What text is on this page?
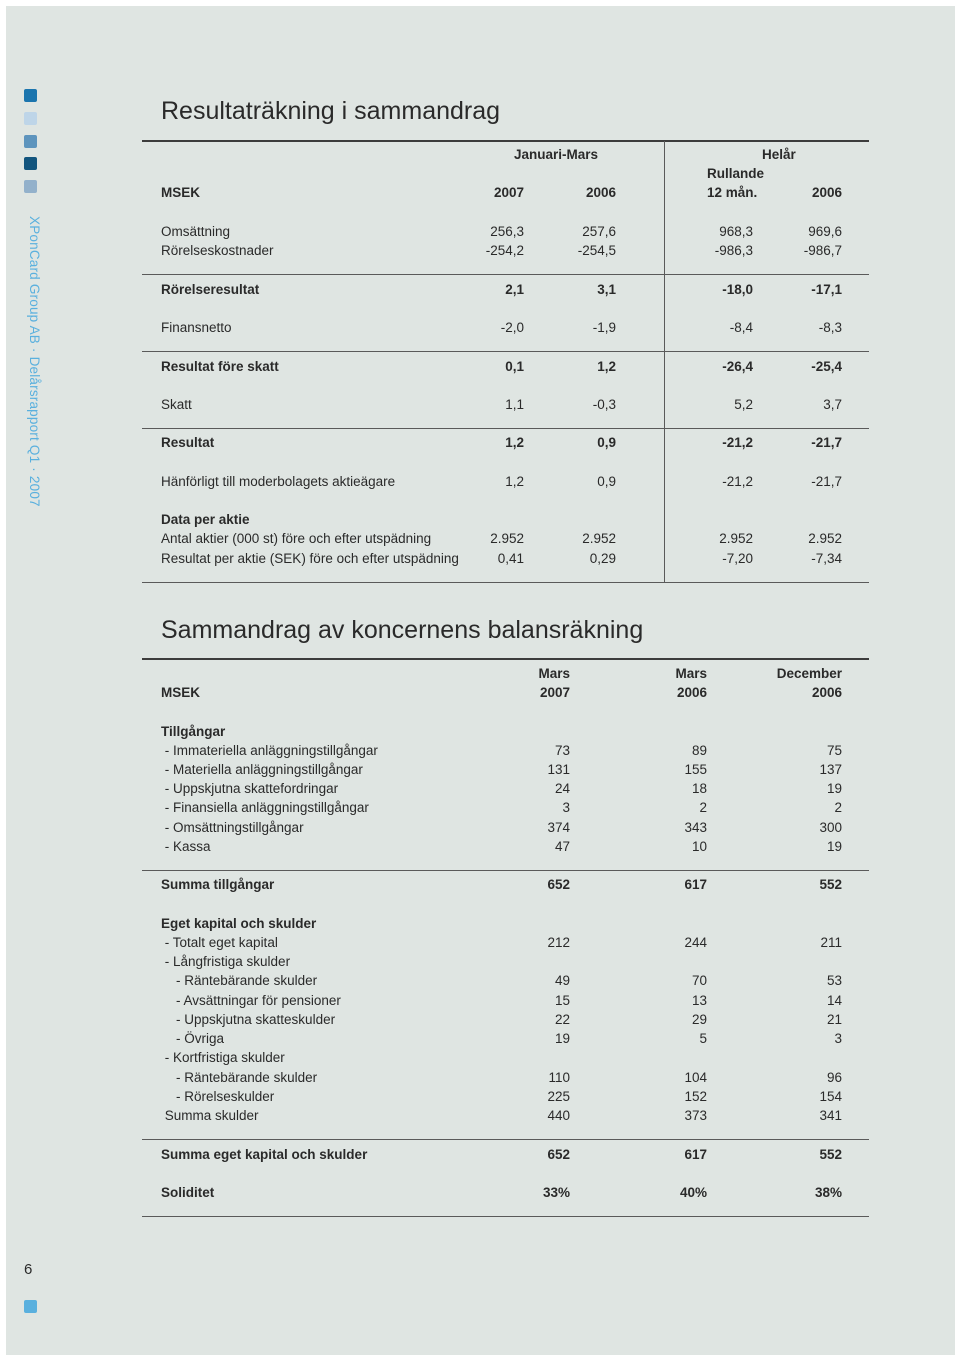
XPonCard Group AB · Delårsrapport Q1 · 2007
6
Resultaträkning i sammandrag
Januari-Mars	Helår
Rullande
MSEK	2007	2006	12 mån.	2006
Omsättning	256,3	257,6	968,3	969,6
Rörelseskostnader	-254,2	-254,5	-986,3	-986,7
Rörelseresultat	2,1	3,1	-18,0	-17,1
Finansnetto	-2,0	-1,9	-8,4	-8,3
Resultat före skatt	0,1	1,2	-26,4	-25,4
Skatt	1,1	-0,3	5,2	3,7
Resultat	1,2	0,9	-21,2	-21,7
Hänförligt till moderbolagets aktieägare	1,2	0,9	-21,2	-21,7
Data per aktie
Antal aktier (000 st) före och efter utspädning	2.952	2.952	2.952	2.952
Resultat per aktie (SEK) före och efter utspädning	0,41	0,29	-7,20	-7,34
Sammandrag av koncernens balansräkning
Mars	Mars	December
MSEK	2007	2006	2006
Tillgångar
- Immateriella anläggningstillgångar	73	89	75
- Materiella anläggningstillgångar	131	155	137
- Uppskjutna skattefordringar	24	18	19
- Finansiella anläggningstillgångar	3	2	2
- Omsättningstillgångar	374	343	300
- Kassa	47	10	19
Summa tillgångar	652	617	552
Eget kapital och skulder
- Totalt eget kapital	212	244	211
- Långfristiga skulder
- Räntebärande skulder	49	70	53
- Avsättningar för pensioner	15	13	14
- Uppskjutna skatteskulder	22	29	21
- Övriga	19	5	3
- Kortfristiga skulder
- Räntebärande skulder	110	104	96
- Rörelseskulder	225	152	154
Summa skulder	440	373	341
Summa eget kapital och skulder	652	617	552
Soliditet	33%	40%	38%
